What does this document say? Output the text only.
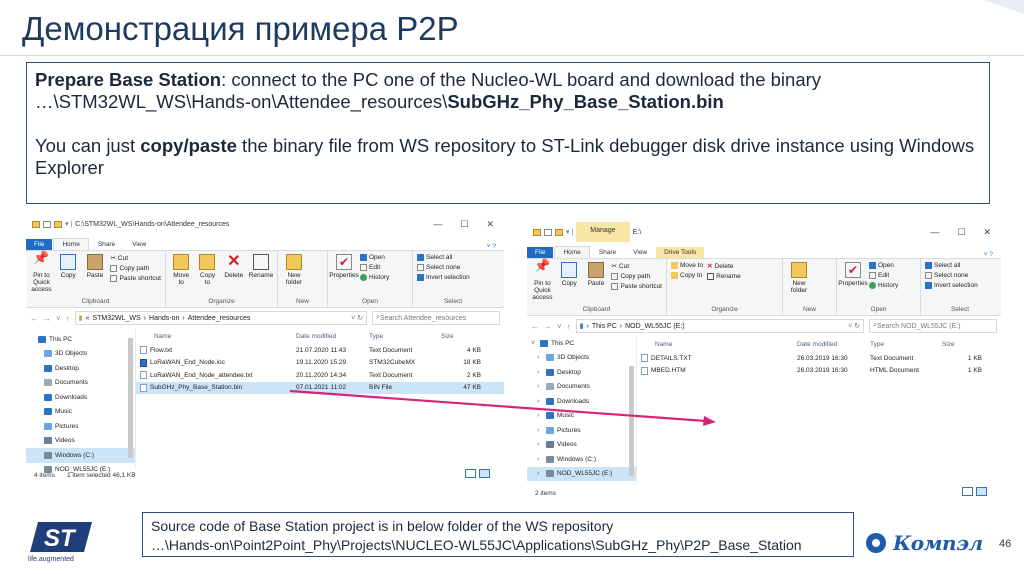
Демонстрация примера P2P

Prepare Base Station: connect to the PC one of the Nucleo-WL board and download the binary

…\STM32WL_WS\Hands-on\Attendee_resources\SubGHz_Phy_Base_Station.bin

You can just copy/paste the binary file from WS repository to ST-Link debugger disk drive instance using Windows Explorer

▾ | C:\STM32WL_WS\Hands-on\Attendee_resources	— ☐ ✕
File	Home	Share	View	˅ ?
📌
Pin to Quick access
Copy Paste
✂ Cut
Copy path
Paste shortcut
Clipboard
Move to
Copy to
✕
Delete Rename
Organize
New folder
New
✔
Properties
Open
Edit
History
Open
Select all
Select none
Invert selection
Select
← → ˅ ↑ ▮ « STM32WL_WS › Hands-on › Attendee_resources	˅ ↻ ⌕ Search Attendee_resources
This PC
3D Objects
Desktop
Documents
Downloads
Music
Pictures
Videos
Windows (C:)
NOD_WL55JC (E:)
Name	Date modified	Type	Size
Flow.txt	21.07.2020 11:43	Text Document	4 KB
LoRaWAN_End_Node.ioc	19.11.2020 15:29	STM32CubeMX	18 KB
LoRaWAN_End_Node_attendee.txt	20.11.2020 14:34	Text Document	2 KB
SubGHz_Phy_Base_Station.bin	07.01.2021 11:02	BIN File	47 KB
4 items 1 item selected 46,1 KB
▾ |	Manage	E:\	— ☐ ✕
File	Home	Share	View	Drive Tools	˅ ?
📌
Pin to Quick access
Copy Paste
✂ Cut
Copy path
Paste shortcut
Clipboard
Move to
Copy to
✕ Delete
Rename
Organize
New folder
New
✔
Properties
Open
Edit
History
Open
Select all
Select none
Invert selection
Select
← → ˅ ↑ ▮ › This PC › NOD_WL55JC (E:)	˅ ↻ ⌕ Search NOD_WL55JC (E:)
˅ This PC
›	3D Objects
›	Desktop
›	Documents
›	Downloads
›	Music
›	Pictures
›	Videos
›	Windows (C:)
›	NOD_WL55JC (E:)
Name	Date modified	Type	Size
DETAILS.TXT	26.03.2019 16:30	Text Document	1 KB
MBED.HTM	26.03.2019 16:30	HTML Document	1 KB
2 items
Source code of Base Station project is in below folder of the WS repository
…\Hands-on\Point2Point_Phy\Projects\NUCLEO-WL55JC\Applications\SubGHz_Phy\P2P_Base_Station
ST
life.augmented
Компэл 46
